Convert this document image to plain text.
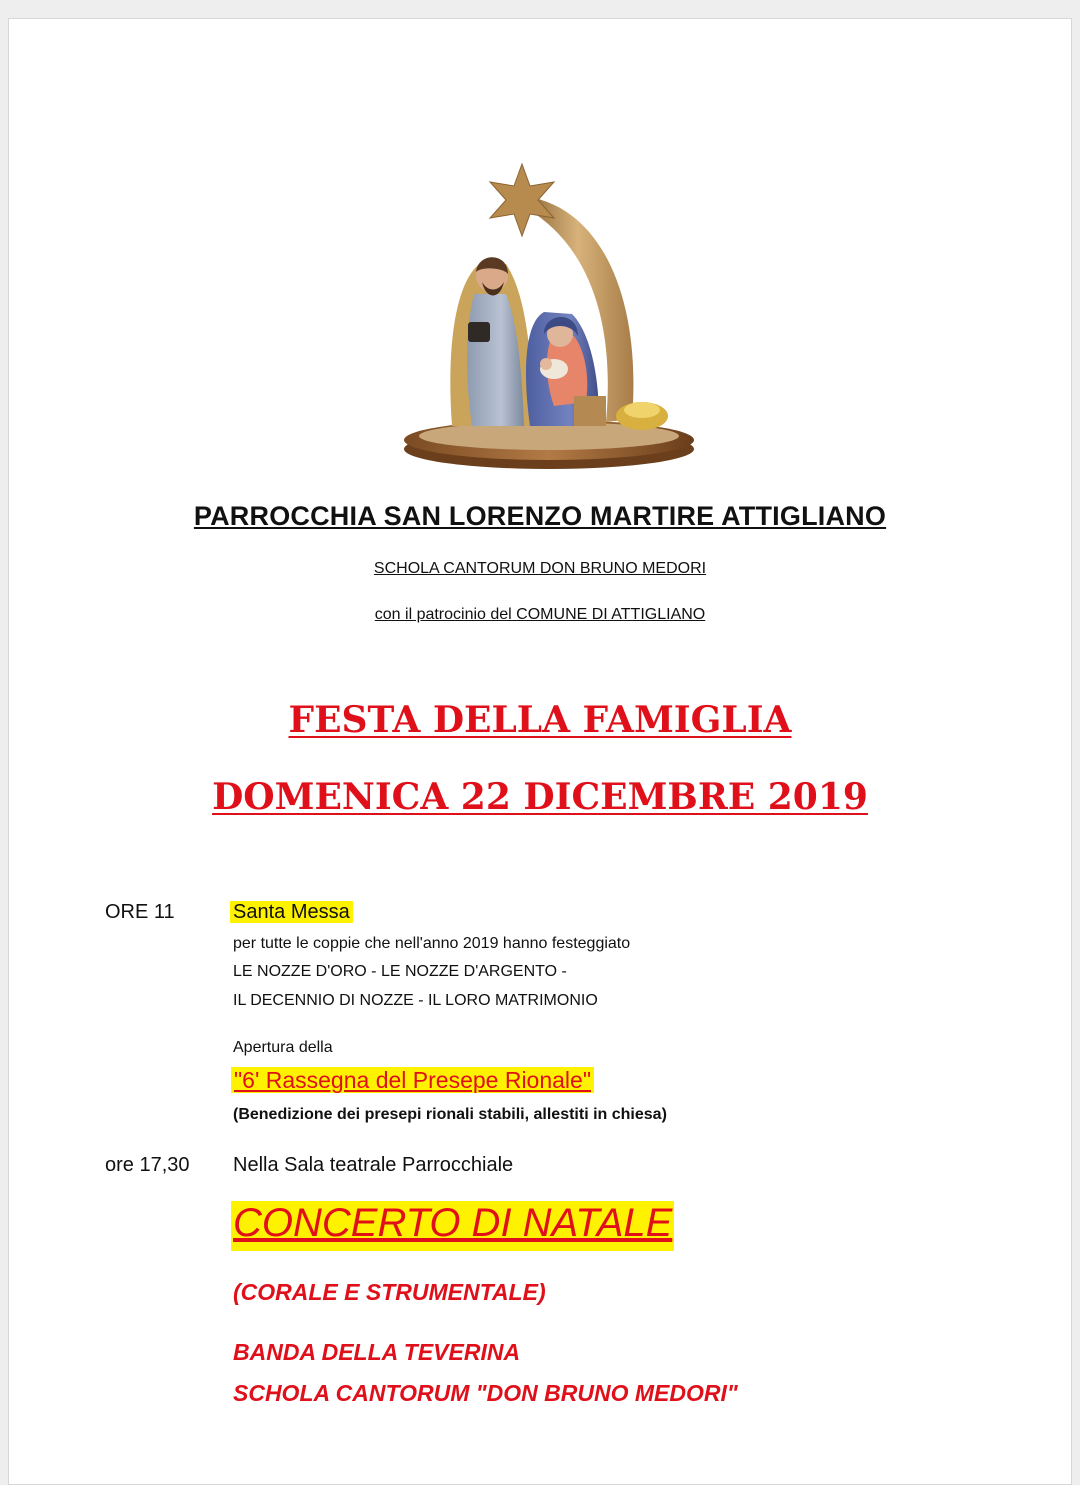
PARROCCHIA SAN LORENZO MARTIRE ATTIGLIANO
SCHOLA CANTORUM DON BRUNO MEDORI
con il patrocinio del COMUNE DI ATTIGLIANO
FESTA DELLA FAMIGLIA
DOMENICA 22 DICEMBRE 2019
ORE 11	Santa Messa
per tutte le coppie che nell'anno 2019 hanno festeggiato
LE NOZZE D'ORO - LE NOZZE D'ARGENTO -
IL DECENNIO DI NOZZE - IL LORO MATRIMONIO
Apertura della
"6' Rassegna del Presepe Rionale"
(Benedizione dei presepi rionali stabili, allestiti in chiesa)
ore 17,30 Nella Sala teatrale Parrocchiale
CONCERTO DI NATALE
(CORALE E STRUMENTALE)
BANDA DELLA TEVERINA
SCHOLA CANTORUM "DON BRUNO MEDORI"
